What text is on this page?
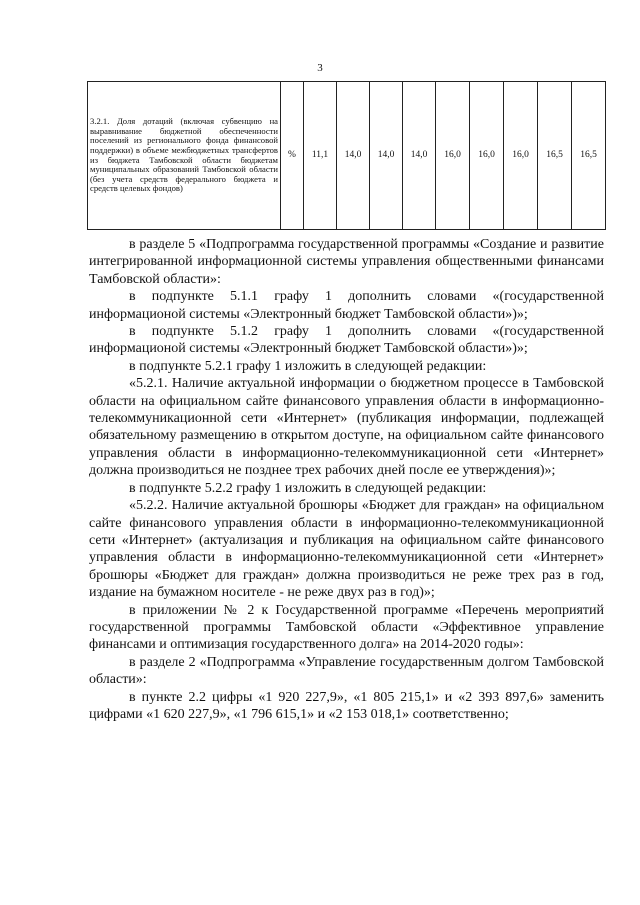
3
3.2.1. Доля дотаций (включая субвенцию на выравнивание бюджетной обеспеченности поселений из регионального фонда финансовой поддержки) в объеме межбюджетных трансфертов из бюджета Тамбовской области бюджетам муниципальных образований Тамбовской области (без учета средств федерального бюджета и средств целевых фондов)	%	11,1	14,0	14,0	14,0	16,0	16,0	16,0	16,5	16,5

в разделе 5 «Подпрограмма государственной программы «Создание и развитие интегрированной информационной системы управления общественными финансами Тамбовской области»:

в подпункте 5.1.1 графу 1 дополнить словами «(государственной информационой системы «Электронный бюджет Тамбовской области»)»;

в подпункте 5.1.2 графу 1 дополнить словами «(государственной информационой системы «Электронный бюджет Тамбовской области»)»;

в подпункте 5.2.1 графу 1 изложить в следующей редакции:

«5.2.1. Наличие актуальной информации о бюджетном процессе в Тамбовской области на официальном сайте финансового управления области в информационно-телекоммуникационной сети «Интернет» (публикация информации, подлежащей обязательному размещению в открытом доступе, на официальном сайте финансового управления области в информационно-телекоммуникационной сети «Интернет» должна производиться не позднее трех рабочих дней после ее утверждения)»;

в подпункте 5.2.2 графу 1 изложить в следующей редакции:

«5.2.2. Наличие актуальной брошюры «Бюджет для граждан» на официальном сайте финансового управления области в информационно-телекоммуникационной сети «Интернет» (актуализация и публикация на официальном сайте финансового управления области в информационно-телекоммуникационной сети «Интернет» брошюры «Бюджет для граждан» должна производиться не реже трех раз в год, издание на бумажном носителе - не реже двух раз в год)»;

в приложении № 2 к Государственной программе «Перечень мероприятий государственной программы Тамбовской области «Эффективное управление финансами и оптимизация государственного долга» на 2014-2020 годы»:

в разделе 2 «Подпрограмма «Управление государственным долгом Тамбовской области»:

в пункте 2.2 цифры «1 920 227,9», «1 805 215,1» и «2 393 897,6» заменить цифрами «1 620 227,9», «1 796 615,1» и «2 153 018,1» соответственно;
